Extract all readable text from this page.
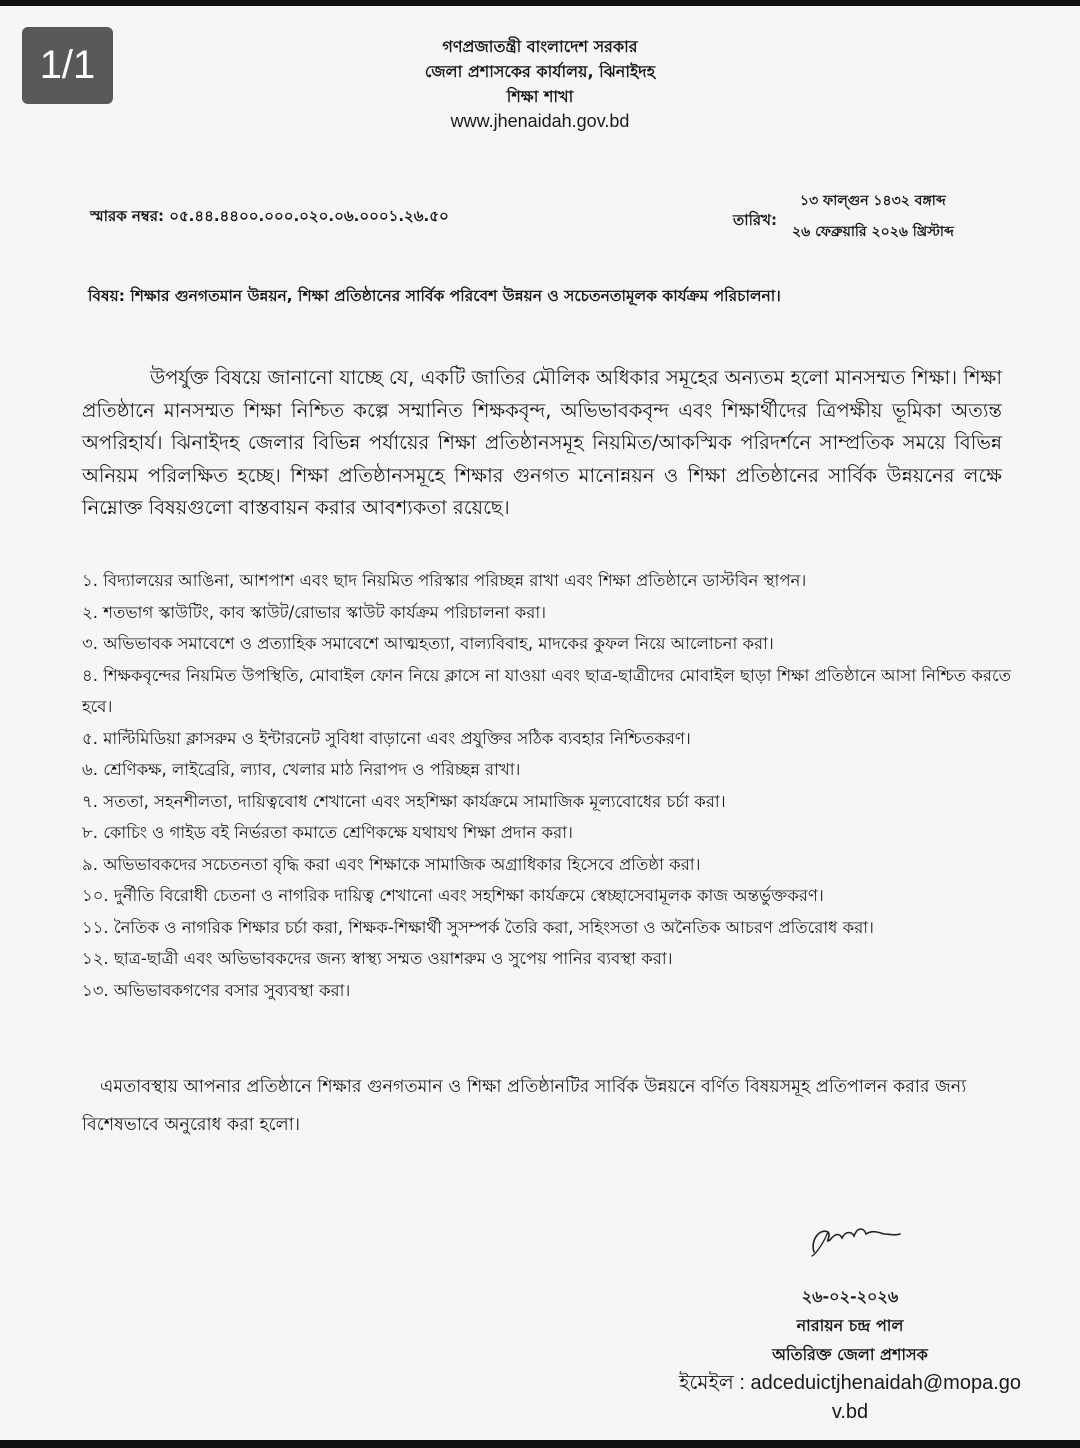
1/1	গণপ্রজাতন্ত্রী বাংলাদেশ সরকার
জেলা প্রশাসকের কার্যালয়, ঝিনাইদহ
শিক্ষা শাখা
www.jhenaidah.gov.bd
স্মারক নম্বর: ০৫.৪৪.৪৪০০.০০০.০২০.০৬.০০০১.২৬.৫০	তারিখ:
১৩ ফাল্গুন ১৪৩২ বঙ্গাব্দ
২৬ ফেব্রুয়ারি ২০২৬ খ্রিস্টাব্দ
বিষয়: শিক্ষার গুনগতমান উন্নয়ন, শিক্ষা প্রতিষ্ঠানের সার্বিক পরিবেশ উন্নয়ন ও সচেতনতামূলক কার্যক্রম পরিচালনা।
উপর্যুক্ত বিষয়ে জানানো যাচ্ছে যে, একটি জাতির মৌলিক অধিকার সমূহের অন্যতম হলো মানসম্মত শিক্ষা। শিক্ষা প্রতিষ্ঠানে মানসম্মত শিক্ষা নিশ্চিত কল্পে সম্মানিত শিক্ষকবৃন্দ, অভিভাবকবৃন্দ এবং শিক্ষার্থীদের ত্রিপক্ষীয় ভূমিকা অত্যন্ত অপরিহার্য। ঝিনাইদহ জেলার বিভিন্ন পর্যায়ের শিক্ষা প্রতিষ্ঠানসমূহ নিয়মিত/আকস্মিক পরিদর্শনে সাম্প্রতিক সময়ে বিভিন্ন অনিয়ম পরিলক্ষিত হচ্ছে। শিক্ষা প্রতিষ্ঠানসমূহে শিক্ষার গুনগত মানোন্নয়ন ও শিক্ষা প্রতিষ্ঠানের সার্বিক উন্নয়নের লক্ষে নিম্নোক্ত বিষয়গুলো বাস্তবায়ন করার আবশ্যকতা রয়েছে।
১. বিদ্যালয়ের আঙিনা, আশপাশ এবং ছাদ নিয়মিত পরিস্কার পরিচ্ছন্ন রাখা এবং শিক্ষা প্রতিষ্ঠানে ডাস্টবিন স্থাপন।
২. শতভাগ স্কাউটিং, কাব স্কাউট/রোভার স্কাউট কার্যক্রম পরিচালনা করা।
৩. অভিভাবক সমাবেশে ও প্রত্যাহিক সমাবেশে আত্মহত্যা, বাল্যবিবাহ, মাদকের কুফল নিয়ে আলোচনা করা।
৪. শিক্ষকবৃন্দের নিয়মিত উপস্থিতি, মোবাইল ফোন নিয়ে ক্লাসে না যাওয়া এবং ছাত্র-ছাত্রীদের মোবাইল ছাড়া শিক্ষা প্রতিষ্ঠানে আসা নিশ্চিত করতে হবে।
৫. মাল্টিমিডিয়া ক্লাসরুম ও ইন্টারনেট সুবিধা বাড়ানো এবং প্রযুক্তির সঠিক ব্যবহার নিশ্চিতকরণ।
৬. শ্রেণিকক্ষ, লাইব্রেরি, ল্যাব, খেলার মাঠ নিরাপদ ও পরিচ্ছন্ন রাখা।
৭. সততা, সহনশীলতা, দায়িত্ববোধ শেখানো এবং সহশিক্ষা কার্যক্রমে সামাজিক মূল্যবোধের চর্চা করা।
৮. কোচিং ও গাইড বই নির্ভরতা কমাতে শ্রেণিকক্ষে যথাযথ শিক্ষা প্রদান করা।
৯. অভিভাবকদের সচেতনতা বৃদ্ধি করা এবং শিক্ষাকে সামাজিক অগ্রাধিকার হিসেবে প্রতিষ্ঠা করা।
১০. দুর্নীতি বিরোধী চেতনা ও নাগরিক দায়িত্ব শেখানো এবং সহশিক্ষা কার্যক্রমে স্বেচ্ছাসেবামূলক কাজ অন্তর্ভুক্তকরণ।
১১. নৈতিক ও নাগরিক শিক্ষার চর্চা করা, শিক্ষক-শিক্ষার্থী সুসম্পর্ক তৈরি করা, সহিংসতা ও অনৈতিক আচরণ প্রতিরোধ করা।
১২. ছাত্র-ছাত্রী এবং অভিভাবকদের জন্য স্বাস্থ্য সম্মত ওয়াশরুম ও সুপেয় পানির ব্যবস্থা করা।
১৩. অভিভাবকগণের বসার সুব্যবস্থা করা।
এমতাবস্থায় আপনার প্রতিষ্ঠানে শিক্ষার গুনগতমান ও শিক্ষা প্রতিষ্ঠানটির সার্বিক উন্নয়নে বর্ণিত বিষয়সমূহ প্রতিপালন করার জন্য বিশেষভাবে অনুরোধ করা হলো।
২৬-০২-২০২৬
নারায়ন চন্দ্র পাল
অতিরিক্ত জেলা প্রশাসক
ইমেইল : adceduictjhenaidah@mopa.go
v.bd
